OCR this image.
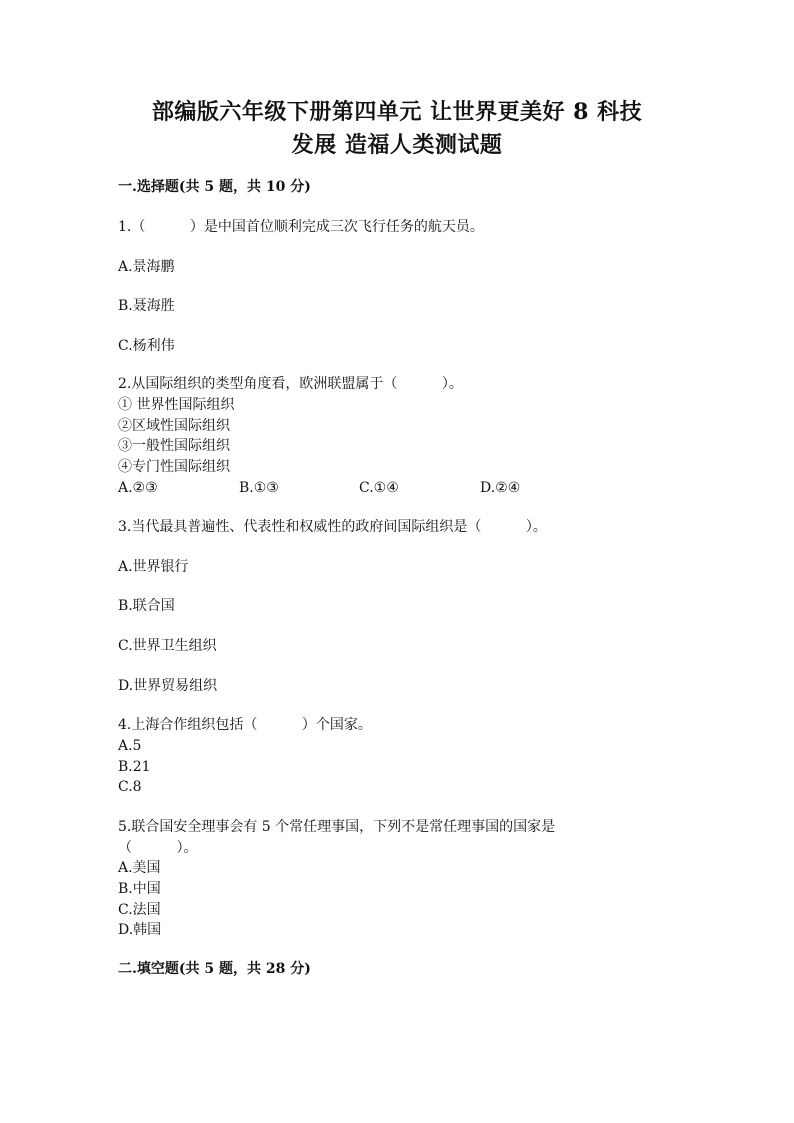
部编版六年级下册第四单元 让世界更美好 8 科技
发展 造福人类测试题
一.选择题(共 5 题，共 10 分)
1.（          ）是中国首位顺利完成三次飞行任务的航天员。
A.景海鹏
B.聂海胜
C.杨利伟
2.从国际组织的类型角度看，欧洲联盟属于（          ）。
① 世界性国际组织
②区域性国际组织
③一般性国际组织
④专门性国际组织
A.②③	B.①③	C.①④	D.②④
3.当代最具普遍性、代表性和权威性的政府间国际组织是（          ）。
A.世界银行
B.联合国
C.世界卫生组织
D.世界贸易组织
4.上海合作组织包括（          ）个国家。
A.5
B.21
C.8
5.联合国安全理事会有 5 个常任理事国，下列不是常任理事国的国家是
（          ）。
A.美国
B.中国
C.法国
D.韩国
二.填空题(共 5 题，共 28 分)
